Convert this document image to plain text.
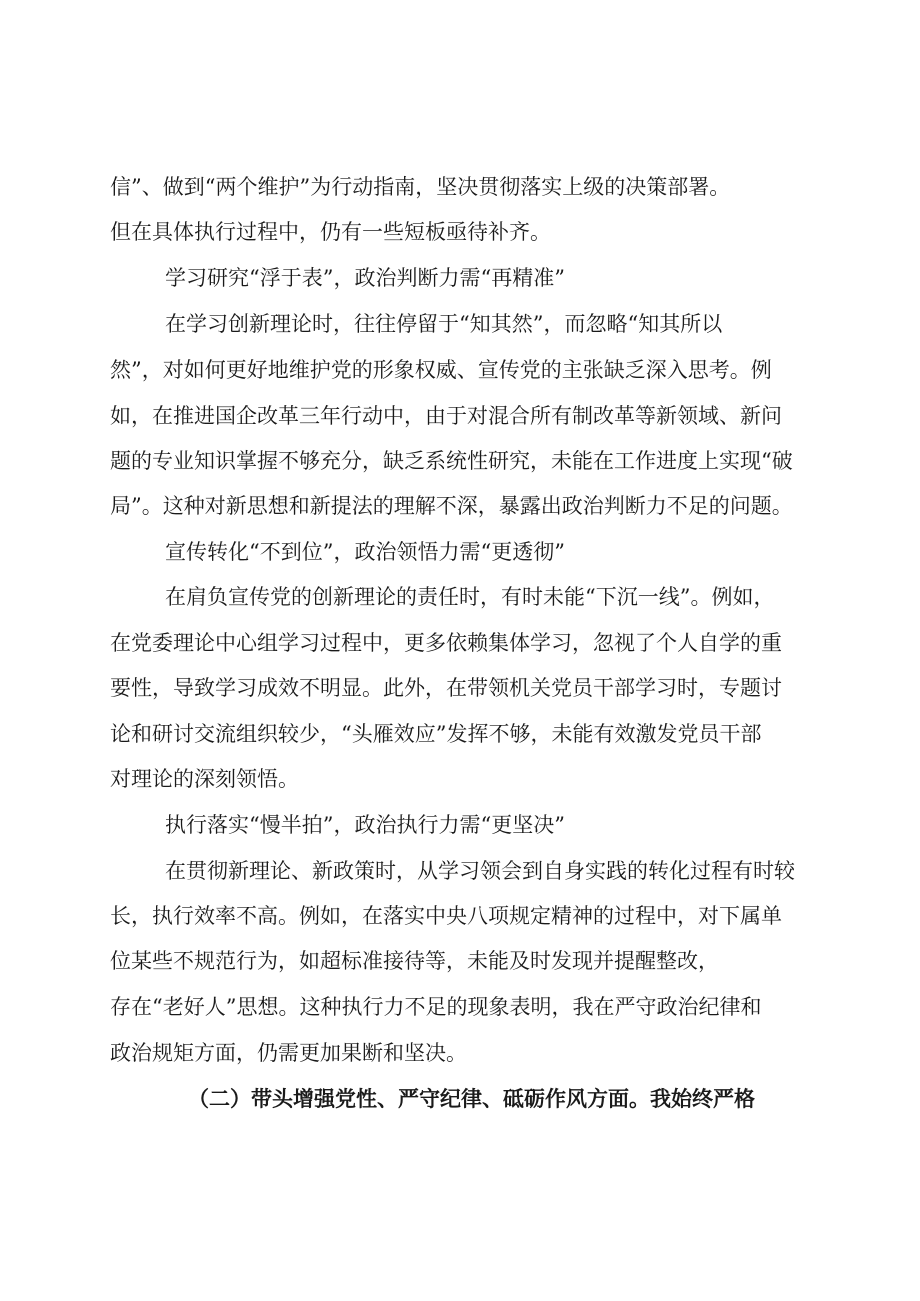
信”、做到“两个维护”为行动指南，坚决贯彻落实上级的决策部署。
但在具体执行过程中，仍有一些短板亟待补齐。
学习研究“浮于表”，政治判断力需“再精准”
在学习创新理论时，往往停留于“知其然”，而忽略“知其所以
然”，对如何更好地维护党的形象权威、宣传党的主张缺乏深入思考。例
如，在推进国企改革三年行动中，由于对混合所有制改革等新领域、新问
题的专业知识掌握不够充分，缺乏系统性研究，未能在工作进度上实现“破
局”。这种对新思想和新提法的理解不深，暴露出政治判断力不足的问题。
宣传转化“不到位”，政治领悟力需“更透彻”
在肩负宣传党的创新理论的责任时，有时未能“下沉一线”。例如，
在党委理论中心组学习过程中，更多依赖集体学习，忽视了个人自学的重
要性，导致学习成效不明显。此外，在带领机关党员干部学习时，专题讨
论和研讨交流组织较少，“头雁效应”发挥不够，未能有效激发党员干部
对理论的深刻领悟。
执行落实“慢半拍”，政治执行力需“更坚决”
在贯彻新理论、新政策时，从学习领会到自身实践的转化过程有时较
长，执行效率不高。例如，在落实中央八项规定精神的过程中，对下属单
位某些不规范行为，如超标准接待等，未能及时发现并提醒整改，
存在“老好人”思想。这种执行力不足的现象表明，我在严守政治纪律和
政治规矩方面，仍需更加果断和坚决。
（二）带头增强党性、严守纪律、砥砺作风方面。我始终严格
